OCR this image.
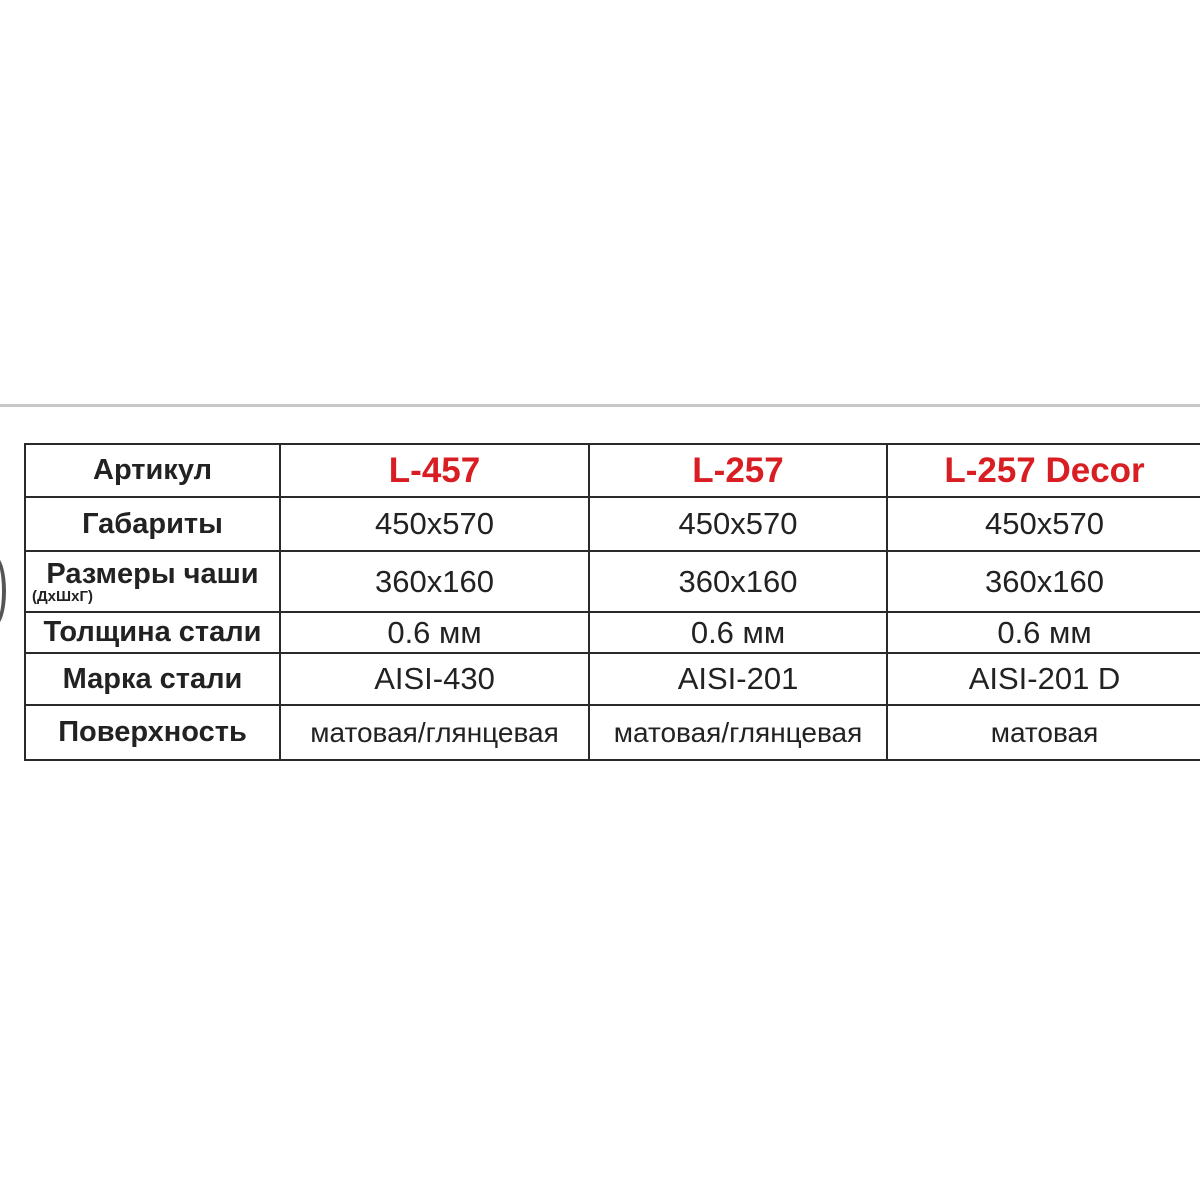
Артикул	L-457	L-257	L-257 Decor
Габариты	450x570	450x570	450x570

Размеры чаши
(ДхШхГ)	360x160	360x160	360x160
Толщина стали	0.6 мм	0.6 мм	0.6 мм
Марка стали	AISI-430	AISI-201	AISI-201 D
Поверхность	матовая/глянцевая	матовая/глянцевая	матовая
